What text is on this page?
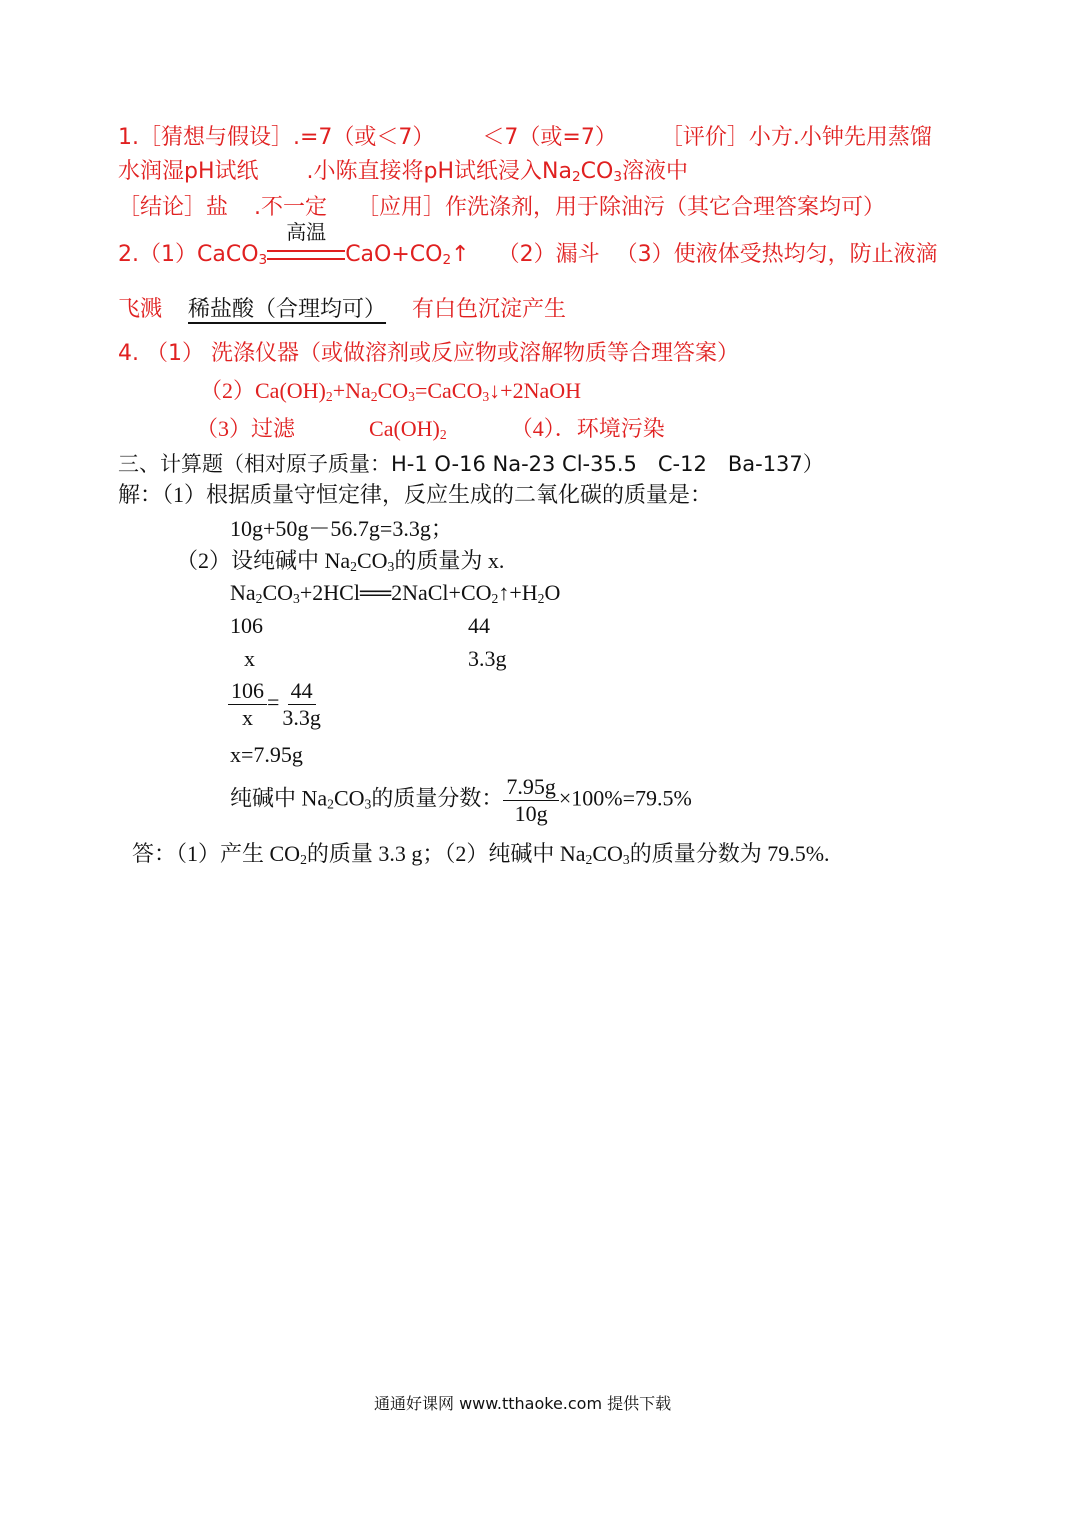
1.［猜想与假设］.=7（或＜7） ＜7（或=7） ［评价］小方.小钟先用蒸馏
水润湿pH试纸 .小陈直接将pH试纸浸入$Na_2CO_3$溶液中
［结论］盐 .不一定 ［应用］作洗涤剂，用于除油污（其它合理答案均可）
2.（1）CaCO$_3$
高温
$CaO+CO_2↑$ （2）漏斗 （3）使液体受热均匀，防止液滴
飞溅 稀盐酸（合理均可） 有白色沉淀产生
4. （1） 洗涤仪器（或做溶剂或反应物或溶解物质等合理答案）
$(2)Ca(OH)_2+Na_2CO_3=CaCO_3↓+2NaOH$
（3）过滤	$Ca(OH)_2$	（4）．环境污染
三、计算题（相对原子质量：H-1 O-16 Na-23 Cl-35.5　C-12　Ba-137）
解：（1）根据质量守恒定律，反应生成的二氧化碳的质量是：
10g+50g－56.7g=3.3g；
（2）设纯碱中 $Na_2CO_3$的质量为 x.
$Na_2CO_3+2HCl══2NaCl+CO_2↑+H_2O$
106	44
x	3.3g
$\frac{106}{x} = \frac{44}{3.3g}$
x=7.95g
纯碱中 $Na_2CO_3$的质量分数： $\frac{7.95g}{10g} \times 100\%=79.5\%$
答：（1）产生 $CO_2$的质量 3.3 g；（2）纯碱中 $Na_2CO_3$的质量分数为 79.5%.
通通好课网 www.tthaoke.com 提供下载
